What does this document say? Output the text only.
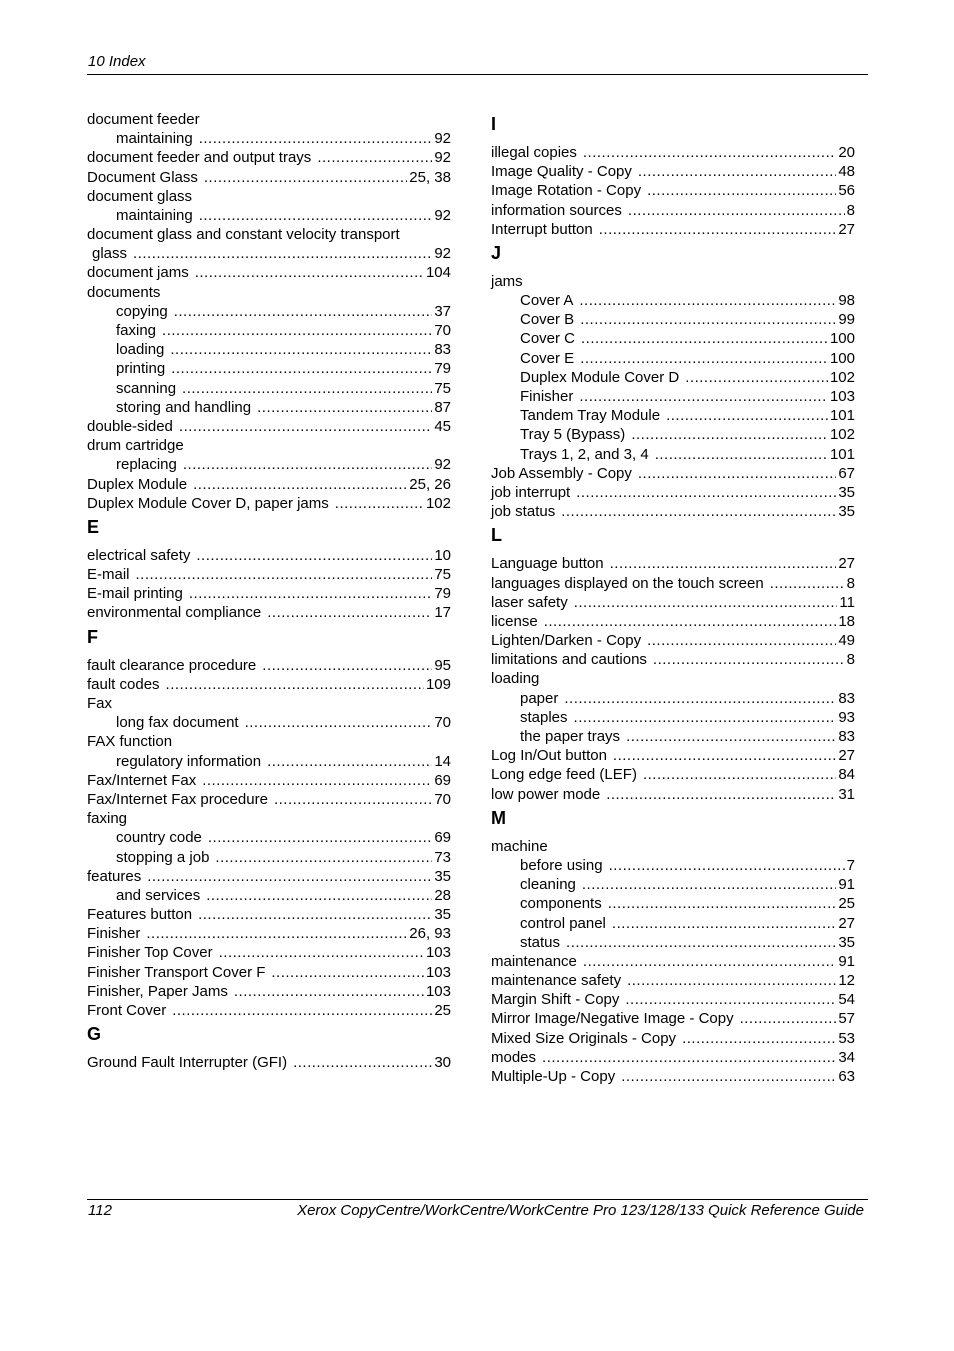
10 Index
document feeder
maintaining .....	92
document feeder and output trays .....	92
Document Glass .....	25, 38
document glass
maintaining .....	92
document glass and constant velocity transport
glass .....	92
document jams .....	104
documents
copying .....	37
faxing .....	70
loading .....	83
printing .....	79
scanning .....	75
storing and handling .....	87
double-sided .....	45
drum cartridge
replacing .....	92
Duplex Module .....	25, 26
Duplex Module Cover D, paper jams .....	102
E
electrical safety .....	10
E-mail .....	75
E-mail printing .....	79
environmental compliance .....	17
F
fault clearance procedure .....	95
fault codes .....	109
Fax
long fax document .....	70
FAX function
regulatory information .....	14
Fax/Internet Fax .....	69
Fax/Internet Fax procedure .....	70
faxing
country code .....	69
stopping a job .....	73
features .....	35
and services .....	28
Features button .....	35
Finisher .....	26, 93
Finisher Top Cover .....	103
Finisher Transport Cover F .....	103
Finisher, Paper Jams .....	103
Front Cover .....	25
G
Ground Fault Interrupter (GFI) .....	30
I
illegal copies .....	20
Image Quality - Copy .....	48
Image Rotation - Copy .....	56
information sources .....	8
Interrupt button .....	27
J
jams
Cover A .....	98
Cover B .....	99
Cover C .....	100
Cover E .....	100
Duplex Module Cover D .....	102
Finisher .....	103
Tandem Tray Module .....	101
Tray 5 (Bypass) .....	102
Trays 1, 2, and 3, 4 .....	101
Job Assembly - Copy .....	67
job interrupt .....	35
job status .....	35
L
Language button .....	27
languages displayed on the touch screen .....	8
laser safety .....	11
license .....	18
Lighten/Darken - Copy .....	49
limitations and cautions .....	8
loading
paper .....	83
staples .....	93
the paper trays .....	83
Log In/Out button .....	27
Long edge feed (LEF) .....	84
low power mode .....	31
M
machine
before using .....	7
cleaning .....	91
components .....	25
control panel .....	27
status .....	35
maintenance .....	91
maintenance safety .....	12
Margin Shift - Copy .....	54
Mirror Image/Negative Image - Copy .....	57
Mixed Size Originals - Copy .....	53
modes .....	34
Multiple-Up - Copy .....	63
112	Xerox CopyCentre/WorkCentre/WorkCentre Pro 123/128/133 Quick Reference Guide
